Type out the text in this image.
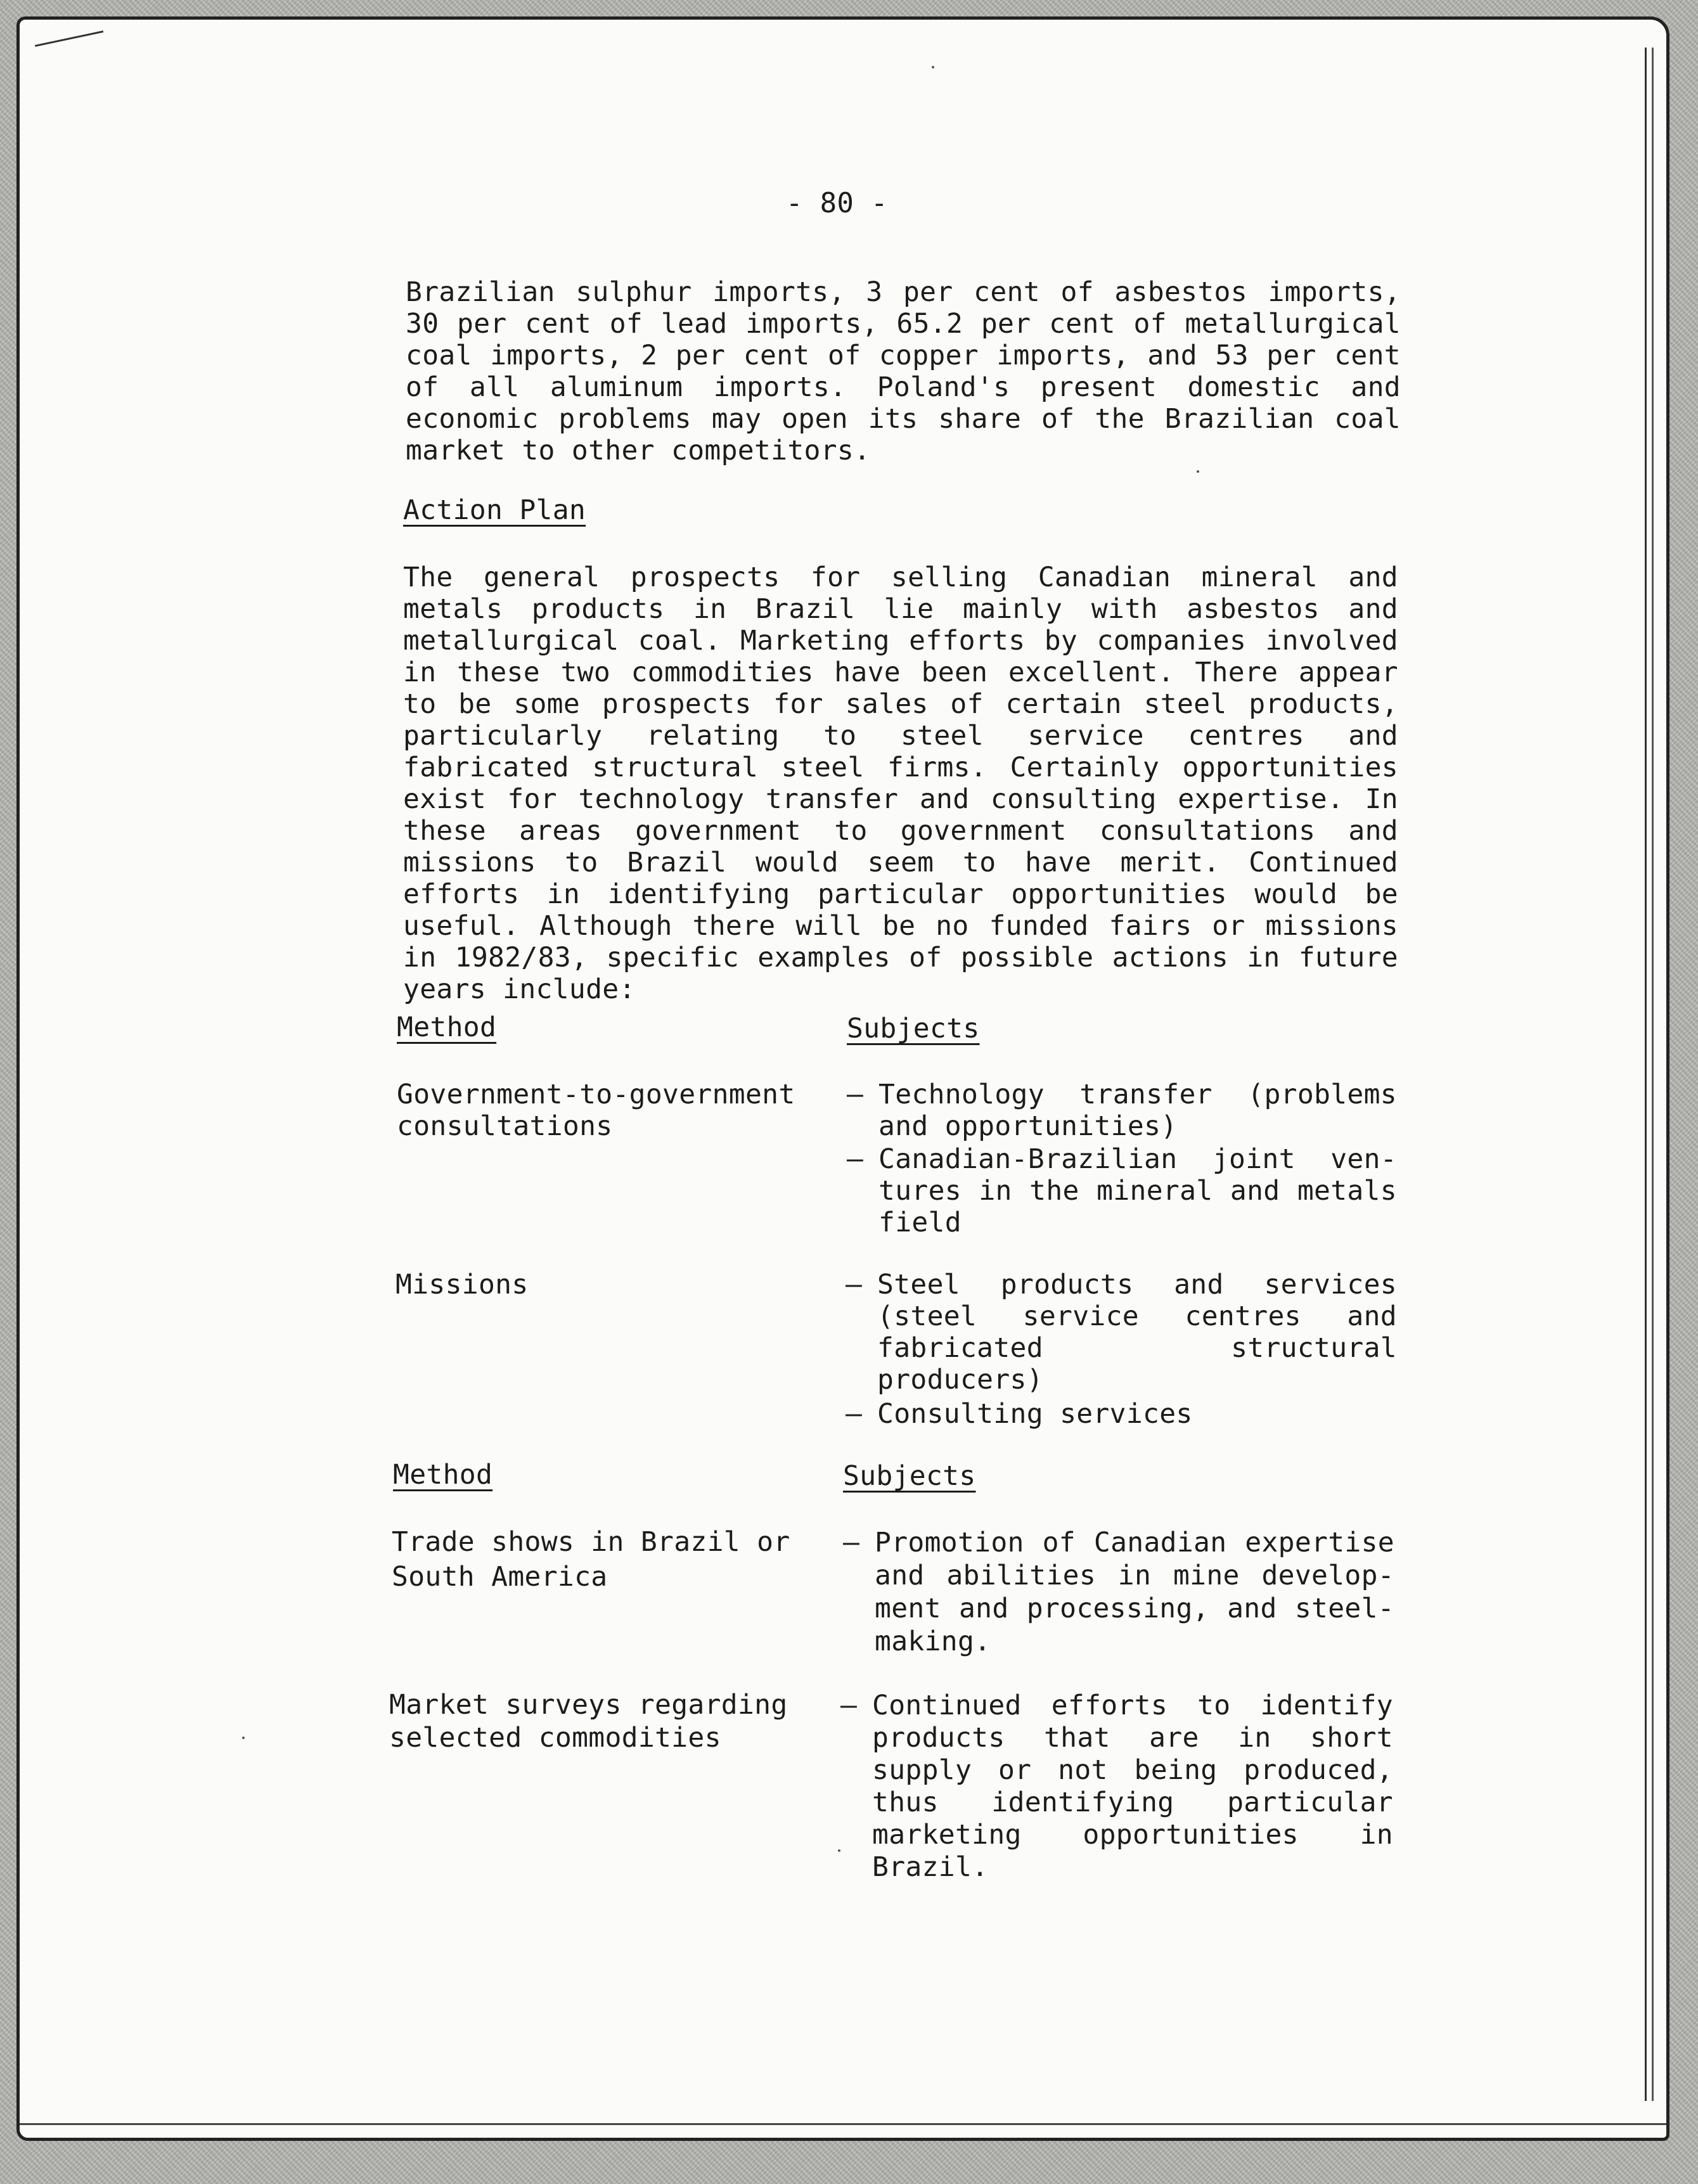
- 80 -

Brazilian sulphur imports, 3 per cent of asbestos imports, 30 per cent of lead imports, 65.2 per cent of metallurgical coal imports, 2 per cent of copper imports, and 53 per cent of all aluminum imports. Poland's present domestic and economic problems may open its share of the Brazilian coal market to other competitors.

Action Plan

The general prospects for selling Canadian mineral and metals products in Brazil lie mainly with asbestos and metallurgical coal. Marketing efforts by companies involved in these two commodities have been excellent. There appear to be some prospects for sales of certain steel products, particularly relating to steel service centres and fabricated structural steel firms. Certainly opportunities exist for technology transfer and consulting expertise. In these areas government to government consultations and missions to Brazil would seem to have merit. Continued efforts in identifying particular opportunities would be useful. Although there will be no funded fairs or missions in 1982/83, specific examples of possible actions in future years include:

Method	Subjects

Government-to-government
consultations

– Technology transfer (problems and opportunities)
– Canadian-Brazilian joint ven-tures in the mineral and metals field

Missions

–	Steel products and services (steel service centres and fabricated structural producers)
– Consulting services

Method	Subjects

Trade shows in Brazil or
South America

– Promotion of Canadian expertise and abilities in mine develop-ment and processing, and steel-making.

Market surveys regarding
selected commodities

– Continued efforts to identify products that are in short supply or not being produced, thus identifying particular marketing opportunities in Brazil.
